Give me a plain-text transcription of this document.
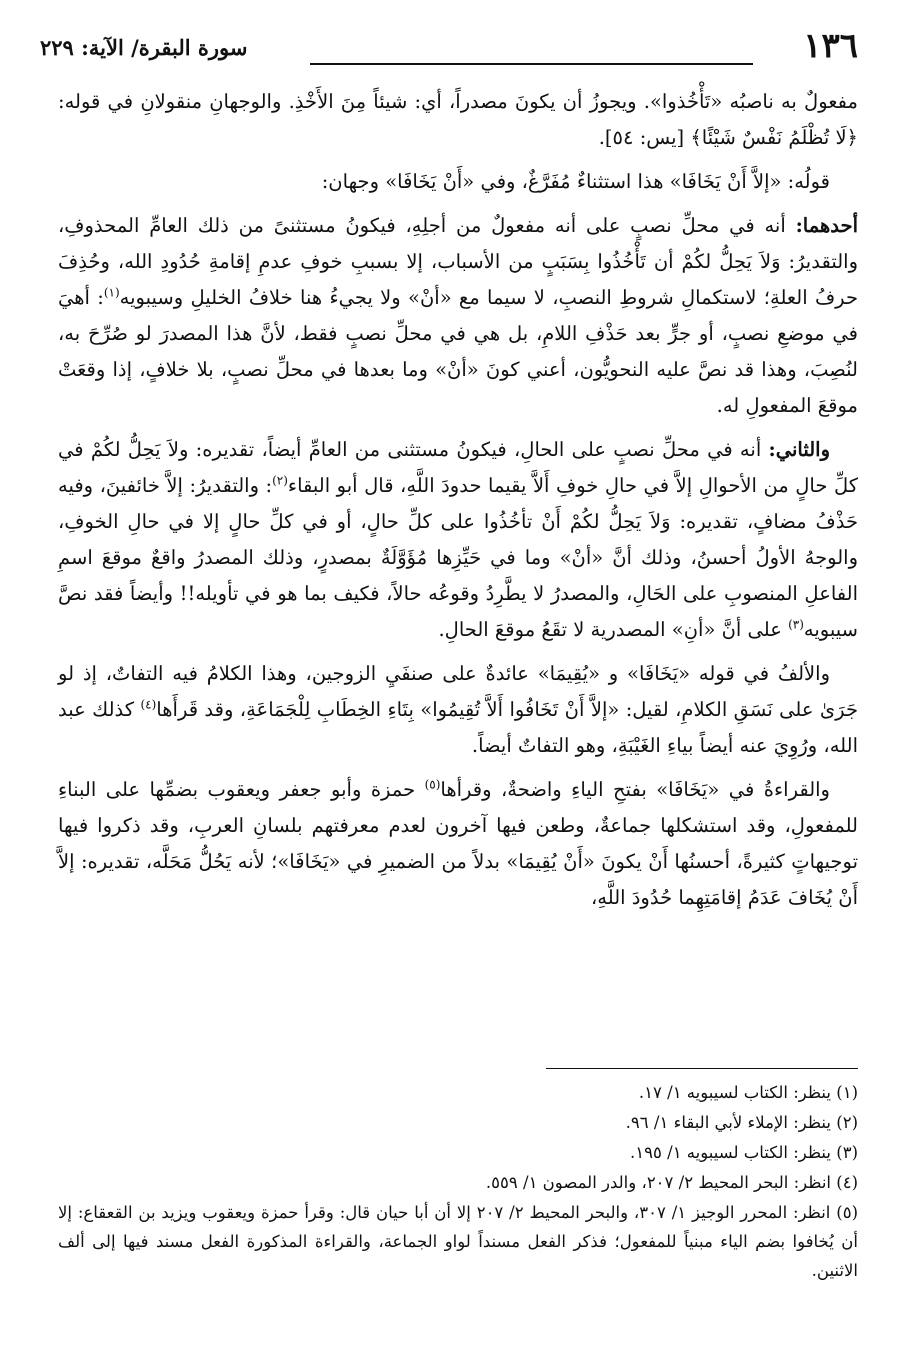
١٣٦
سورة البقرة/ الآية: ٢٢٩

مفعولٌ به ناصبُه «تَأْخُذوا». ويجوزُ أن يكونَ مصدراً، أي: شيئاً مِنَ الأَخْذِ. والوجهانِ منقولانِ في قوله: ﴿لَا تُظْلَمُ نَفْسٌ شَيْئًا﴾ [يس: ٥٤].

قولُه: «إلاَّ أَنْ يَخَافَا» هذا استثناءٌ مُفَرَّغٌ، وفي «أَنْ يَخَافَا» وجهان:

أحدهما: أنه في محلِّ نصبٍ على أنه مفعولٌ من أجلِهِ، فيكونُ مستثنىً من ذلك العامِّ المحذوفِ، والتقديرُ: وَلاَ يَحِلُّ لكُمْ أن تَأْخُذُوا بِسَبَبٍ من الأسباب، إلا بسببِ خوفِ عدمِ إقامةِ حُدُودِ الله، وحُذِفَ حرفُ العلةِ؛ لاستكمالِ شروطِ النصبِ، لا سيما مع «أنْ» ولا يجيءُ هنا خلافُ الخليلِ وسيبويه$^{(١)}$: أهيَ في موضعِ نصبٍ، أو جرٍّ بعد حَذْفِ اللامِ، بل هي في محلِّ نصبٍ فقط، لأنَّ هذا المصدرَ لو صُرِّحَ به، لنُصِبَ، وهذا قد نصَّ عليه النحويُّون، أعني كونَ «أنْ» وما بعدها في محلِّ نصبٍ، بلا خلافٍ، إذا وقعَتْ موقعَ المفعولِ له.

والثاني: أنه في محلِّ نصبٍ على الحالِ، فيكونُ مستثنى من العامِّ أيضاً، تقديره: ولاَ يَحِلُّ لكُمْ في كلِّ حالٍ من الأحوالِ إلاَّ في حالِ خوفِ أَلاَّ يقيما حدودَ اللَّهِ، قال أبو البقاء$^{(٢)}$: والتقديرُ: إلاَّ خائفينَ، وفيه حَذْفُ مضافٍ، تقديره: وَلاَ يَحِلُّ لكُمْ أَنْ تأخُذُوا على كلِّ حالٍ، أو في كلِّ حالٍ إلا في حالِ الخوفِ، والوجهُ الأولُ أحسنُ، وذلك أنَّ «أنْ» وما في حَيِّزِها مُؤَوَّلَةٌ بمصدرٍ، وذلك المصدرُ واقعٌ موقعَ اسمِ الفاعلِ المنصوبِ على الحَالِ، والمصدرُ لا يطَّرِدُ وقوعُه حالاً، فكيف بما هو في تأويله!! وأيضاً فقد نصَّ سيبويه$^{(٣)}$ على أنَّ «أنِ» المصدرية لا تقَعُ موقعَ الحالِ.

والألفُ في قوله «يَخَافَا» و «يُقِيمَا» عائدةٌ على صنفَيِ الزوجين، وهذا الكلامُ فيه التفاتٌ، إذ لو جَرَىٰ على نَسَقِ الكلامِ، لقيل: «إلاَّ أَنْ تَخَافُوا أَلاَّ تُقِيمُوا» بِتَاءِ الخِطَابِ لِلْجَمَاعَةِ، وقد قَرأَها$^{(٤)}$ كذلك عبد الله، ورُوِيَ عنه أيضاً بياءِ الغَيْبَةِ، وهو التفاتٌ أيضاً.

والقراءةُ في «يَخَافَا» بفتحِ الياءِ واضحةٌ، وقرأها$^{(٥)}$ حمزة وأبو جعفر ويعقوب بضمِّها على البناءِ للمفعولِ، وقد استشكلها جماعةٌ، وطعن فيها آخرون لعدم معرفتهم بلسانِ العربِ، وقد ذكروا فيها توجيهاتٍ كثيرةً، أحسنُها أَنْ يكونَ «أَنْ يُقِيمَا» بدلاً من الضميرِ في «يَخَافَا»؛ لأنه يَحُلُّ مَحَلَّه، تقديره: إلاَّ أَنْ يُخَافَ عَدَمُ إقامَتِهِما حُدُودَ اللَّهِ،

(١) ينظر: الكتاب لسيبويه ١/ ١٧.

(٢) ينظر: الإملاء لأبي البقاء ١/ ٩٦.

(٣) ينظر: الكتاب لسيبويه ١/ ١٩٥.

(٤) انظر: البحر المحيط ٢/ ٢٠٧، والدر المصون ١/ ٥٥٩.

(٥) انظر: المحرر الوجيز ١/ ٣٠٧، والبحر المحيط ٢/ ٢٠٧ إلا أن أبا حيان قال: وقرأ حمزة ويعقوب ويزيد بن القعقاع: إلا أن يُخافوا بضم الياء مبنياً للمفعول؛ فذكر الفعل مسنداً لواو الجماعة، والقراءة المذكورة الفعل مسند فيها إلى ألف الاثنين.
